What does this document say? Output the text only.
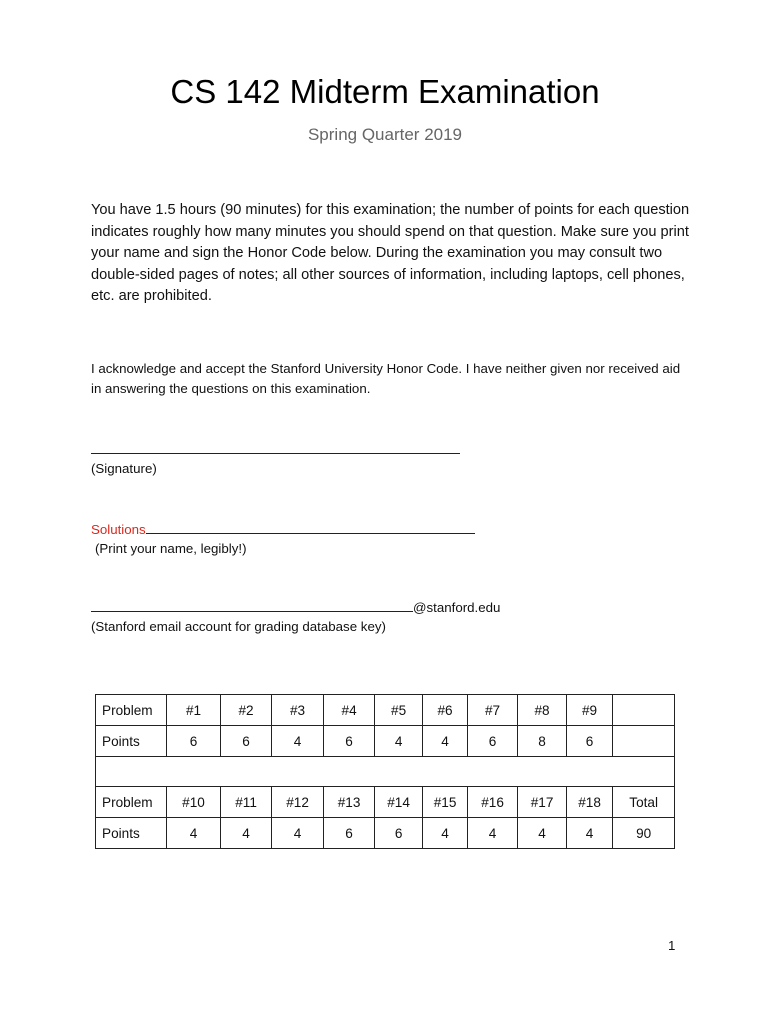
CS 142 Midterm Examination
Spring Quarter 2019

You have 1.5 hours (90 minutes) for this examination; the number of points for each question indicates roughly how many minutes you should spend on that question. Make sure you print your name and sign the Honor Code below. During the examination you may consult two double-sided pages of notes; all other sources of information, including laptops, cell phones, etc. are prohibited.

I acknowledge and accept the Stanford University Honor Code. I have neither given nor received aid in answering the questions on this examination.

(Signature)
Solutions
(Print your name, legibly!)
@stanford.edu
(Stanford email account for grading database key)
Problem	#1	#2	#3	#4	#5	#6	#7	#8	#9	
Points	6	6	4	6	4	4	6	8	6	

Problem	#10	#11	#12	#13	#14	#15	#16	#17	#18	Total
Points	4	4	4	6	6	4	4	4	4	90
1
